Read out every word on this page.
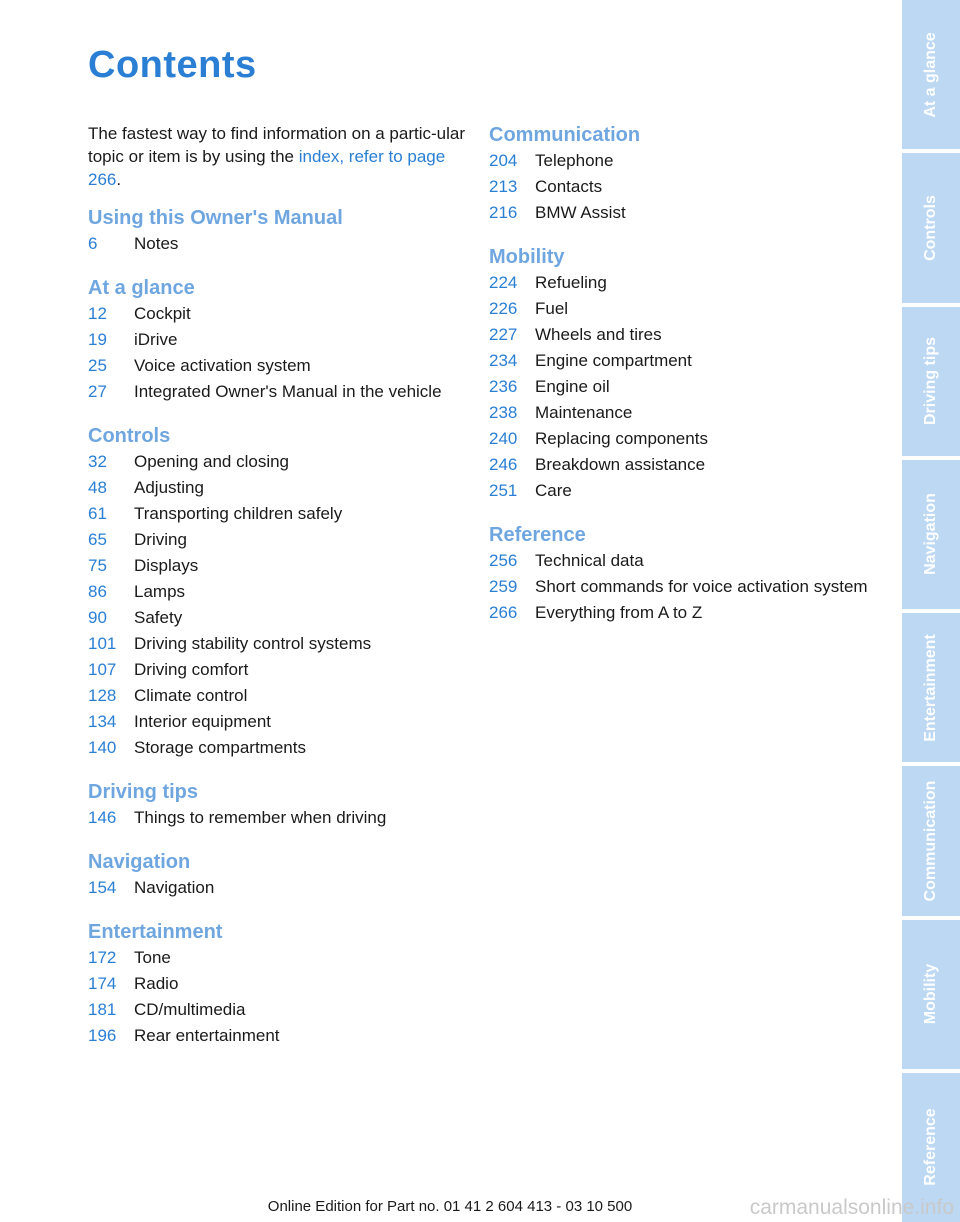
Contents

The fastest way to find information on a partic-ular topic or item is by using the index, refer to page 266.

Using this Owner's Manual
6	Notes
At a glance
12	Cockpit
19	iDrive
25	Voice activation system
27	Integrated Owner's Manual in the vehicle
Controls
32	Opening and closing
48	Adjusting
61	Transporting children safely
65	Driving
75	Displays
86	Lamps
90	Safety
101	Driving stability control systems
107	Driving comfort
128	Climate control
134	Interior equipment
140	Storage compartments
Driving tips
146	Things to remember when driving
Navigation
154	Navigation
Entertainment
172	Tone
174	Radio
181	CD/multimedia
196	Rear entertainment
Communication
204	Telephone
213	Contacts
216	BMW Assist
Mobility
224	Refueling
226	Fuel
227	Wheels and tires
234	Engine compartment
236	Engine oil
238	Maintenance
240	Replacing components
246	Breakdown assistance
251	Care
Reference
256	Technical data
259	Short commands for voice activation system
266	Everything from A to Z
At a glance
Controls
Driving tips
Navigation
Entertainment
Communication
Mobility
Reference
Online Edition for Part no. 01 41 2 604 413 - 03 10 500	carmanualsonline.info
